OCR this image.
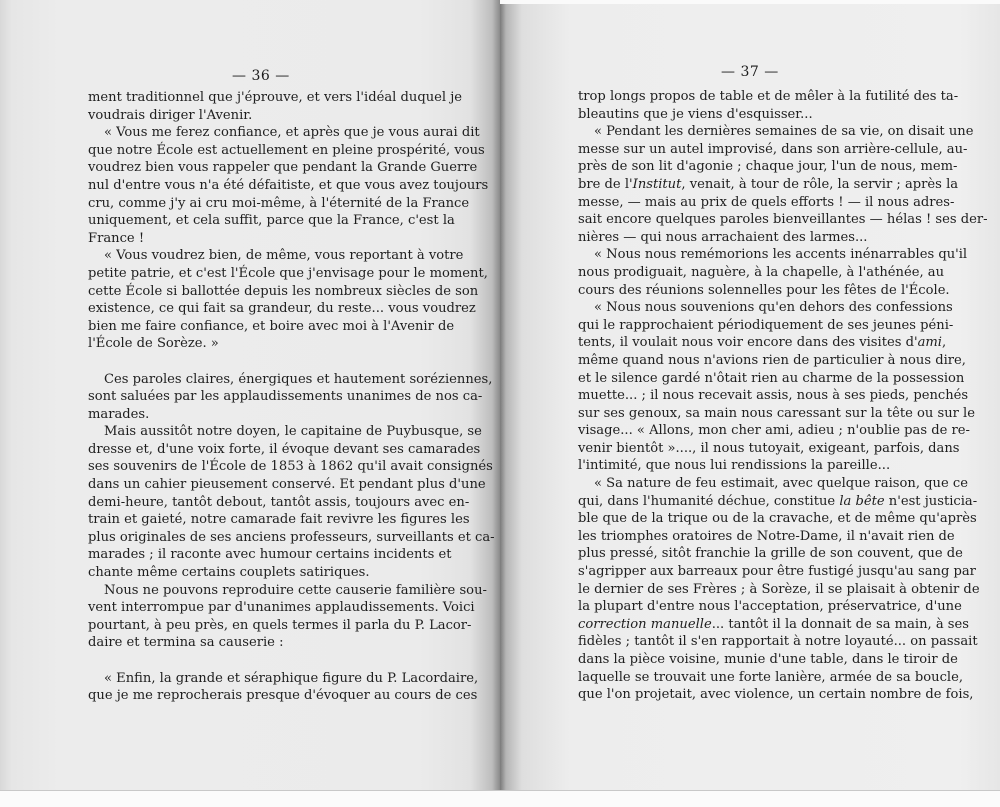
— 36 —
ment traditionnel que j'éprouve, et vers l'idéal duquel je
voudrais diriger l'Avenir.
« Vous me ferez confiance, et après que je vous aurai dit
que notre École est actuellement en pleine prospérité, vous
voudrez bien vous rappeler que pendant la Grande Guerre
nul d'entre vous n'a été défaitiste, et que vous avez toujours
cru, comme j'y ai cru moi-même, à l'éternité de la France
uniquement, et cela suffit, parce que la France, c'est la
France !
« Vous voudrez bien, de même, vous reportant à votre
petite patrie, et c'est l'École que j'envisage pour le moment,
cette École si ballottée depuis les nombreux siècles de son
existence, ce qui fait sa grandeur, du reste... vous voudrez
bien me faire confiance, et boire avec moi à l'Avenir de
l'École de Sorèze. »
Ces paroles claires, énergiques et hautement soréziennes,
sont saluées par les applaudissements unanimes de nos ca-
marades.
Mais aussitôt notre doyen, le capitaine de Puybusque, se
dresse et, d'une voix forte, il évoque devant ses camarades
ses souvenirs de l'École de 1853 à 1862 qu'il avait consignés
dans un cahier pieusement conservé. Et pendant plus d'une
demi-heure, tantôt debout, tantôt assis, toujours avec en-
train et gaieté, notre camarade fait revivre les figures les
plus originales de ses anciens professeurs, surveillants et ca-
marades ; il raconte avec humour certains incidents et
chante même certains couplets satiriques.
Nous ne pouvons reproduire cette causerie familière sou-
vent interrompue par d'unanimes applaudissements. Voici
pourtant, à peu près, en quels termes il parla du P. Lacor-
daire et termina sa causerie :
« Enfin, la grande et séraphique figure du P. Lacordaire,
que je me reprocherais presque d'évoquer au cours de ces
— 37 —
trop longs propos de table et de mêler à la futilité des ta-
bleautins que je viens d'esquisser...
« Pendant les dernières semaines de sa vie, on disait une
messe sur un autel improvisé, dans son arrière-cellule, au-
près de son lit d'agonie ; chaque jour, l'un de nous, mem-
bre de l'Institut, venait, à tour de rôle, la servir ; après la
messe, — mais au prix de quels efforts ! — il nous adres-
sait encore quelques paroles bienveillantes — hélas ! ses der-
nières — qui nous arrachaient des larmes...
« Nous nous remémorions les accents inénarrables qu'il
nous prodiguait, naguère, à la chapelle, à l'athénée, au
cours des réunions solennelles pour les fêtes de l'École.
« Nous nous souvenions qu'en dehors des confessions
qui le rapprochaient périodiquement de ses jeunes péni-
tents, il voulait nous voir encore dans des visites d'ami,
même quand nous n'avions rien de particulier à nous dire,
et le silence gardé n'ôtait rien au charme de la possession
muette... ; il nous recevait assis, nous à ses pieds, penchés
sur ses genoux, sa main nous caressant sur la tête ou sur le
visage... « Allons, mon cher ami, adieu ; n'oublie pas de re-
venir bientôt »...., il nous tutoyait, exigeant, parfois, dans
l'intimité, que nous lui rendissions la pareille...
« Sa nature de feu estimait, avec quelque raison, que ce
qui, dans l'humanité déchue, constitue la bête n'est justicia-
ble que de la trique ou de la cravache, et de même qu'après
les triomphes oratoires de Notre-Dame, il n'avait rien de
plus pressé, sitôt franchie la grille de son couvent, que de
s'agripper aux barreaux pour être fustigé jusqu'au sang par
le dernier de ses Frères ; à Sorèze, il se plaisait à obtenir de
la plupart d'entre nous l'acceptation, préservatrice, d'une
correction manuelle... tantôt il la donnait de sa main, à ses
fidèles ; tantôt il s'en rapportait à notre loyauté... on passait
dans la pièce voisine, munie d'une table, dans le tiroir de
laquelle se trouvait une forte lanière, armée de sa boucle,
que l'on projetait, avec violence, un certain nombre de fois,
